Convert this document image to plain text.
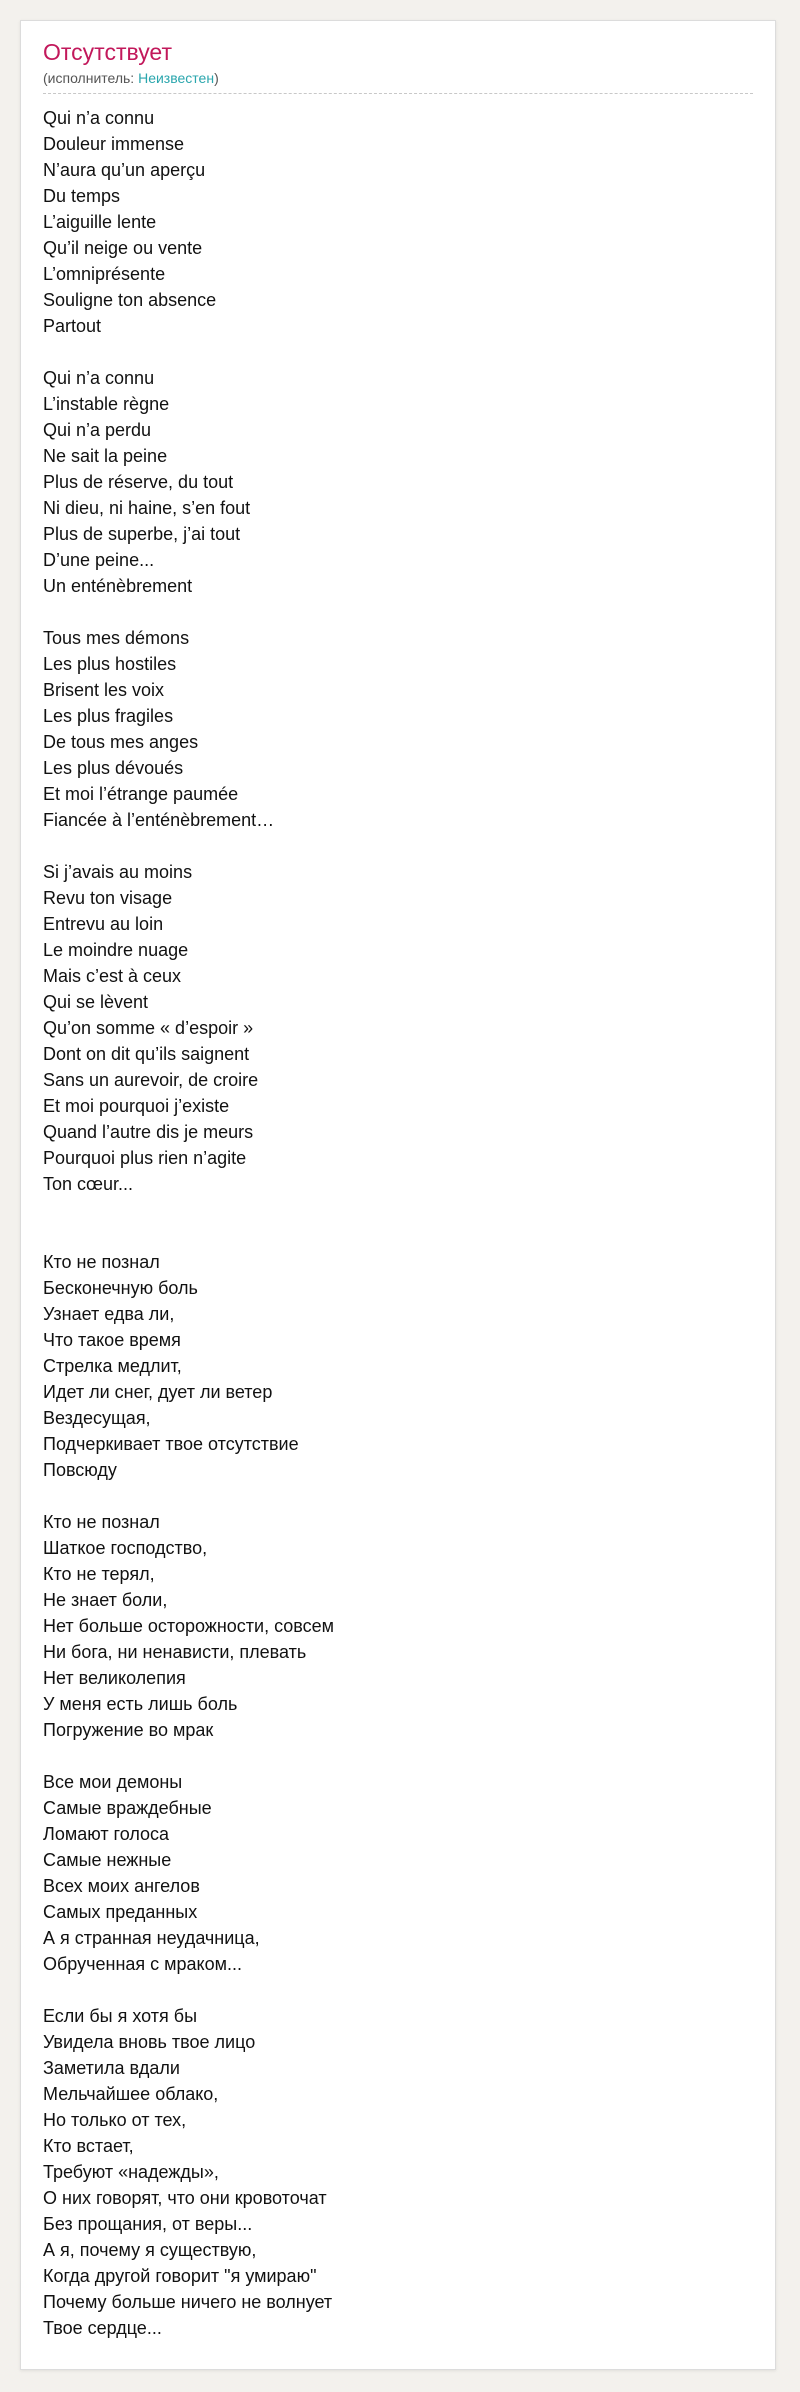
Отсутствует
(исполнитель: Неизвестен)
Qui n’a connu
Douleur immense
N’aura qu’un aperçu
Du temps
L’aiguille lente
Qu’il neige ou vente
L’omniprésente
Souligne ton absence
Partout
Qui n’a connu
L’instable règne
Qui n’a perdu
Ne sait la peine
Plus de réserve, du tout
Ni dieu, ni haine, s’en fout
Plus de superbe, j’ai tout
D’une peine...
Un enténèbrement
Tous mes démons
Les plus hostiles
Brisent les voix
Les plus fragiles
De tous mes anges
Les plus dévoués
Et moi l’étrange paumée
Fiancée à l’enténèbrement…
Si j’avais au moins
Revu ton visage
Entrevu au loin
Le moindre nuage
Mais c’est à ceux
Qui se lèvent
Qu’on somme « d’espoir »
Dont on dit qu’ils saignent
Sans un aurevoir, de croire
Et moi pourquoi j’existe
Quand l’autre dis je meurs
Pourquoi plus rien n’agite
Ton cœur...
Кто не познал
Бесконечную боль
Узнает едва ли,
Что такое время
Стрелка медлит,
Идет ли снег, дует ли ветер
Вездесущая,
Подчеркивает твое отсутствие
Повсюду
Кто не познал
Шаткое господство,
Кто не терял,
Не знает боли,
Нет больше осторожности, совсем
Ни бога, ни ненависти, плевать
Нет великолепия
У меня есть лишь боль
Погружение во мрак
Все мои демоны
Самые враждебные
Ломают голоса
Самые нежные
Всех моих ангелов
Самых преданных
А я странная неудачница,
Обрученная с мраком...
Если бы я хотя бы
Увидела вновь твое лицо
Заметила вдали
Мельчайшее облако,
Но только от тех,
Кто встает,
Требуют «надежды»,
О них говорят, что они кровоточат
Без прощания, от веры...
А я, почему я существую,
Когда другой говорит "я умираю"
Почему больше ничего не волнует
Твое сердце...
